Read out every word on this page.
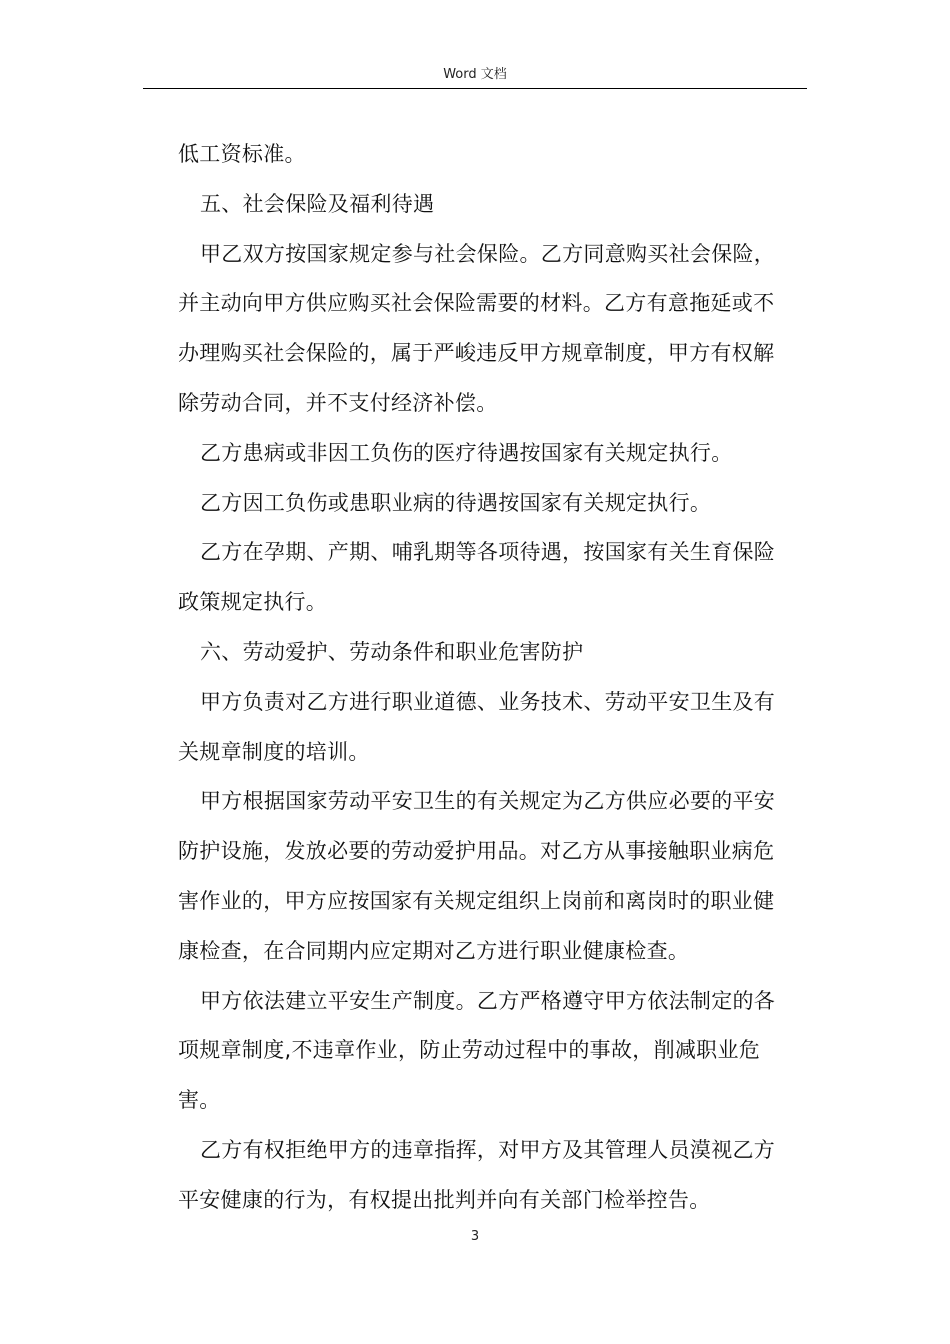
Word 文档
低工资标准。
五、社会保险及福利待遇
甲乙双方按国家规定参与社会保险。乙方同意购买社会保险，
并主动向甲方供应购买社会保险需要的材料。乙方有意拖延或不
办理购买社会保险的，属于严峻违反甲方规章制度，甲方有权解
除劳动合同，并不支付经济补偿。
乙方患病或非因工负伤的医疗待遇按国家有关规定执行。
乙方因工负伤或患职业病的待遇按国家有关规定执行。
乙方在孕期、产期、哺乳期等各项待遇，按国家有关生育保险
政策规定执行。
六、劳动爱护、劳动条件和职业危害防护
甲方负责对乙方进行职业道德、业务技术、劳动平安卫生及有
关规章制度的培训。
甲方根据国家劳动平安卫生的有关规定为乙方供应必要的平安
防护设施，发放必要的劳动爱护用品。对乙方从事接触职业病危
害作业的，甲方应按国家有关规定组织上岗前和离岗时的职业健
康检查，在合同期内应定期对乙方进行职业健康检查。
甲方依法建立平安生产制度。乙方严格遵守甲方依法制定的各
项规章制度,不违章作业，防止劳动过程中的事故，削减职业危
害。
乙方有权拒绝甲方的违章指挥，对甲方及其管理人员漠视乙方
平安健康的行为，有权提出批判并向有关部门检举控告。
3
